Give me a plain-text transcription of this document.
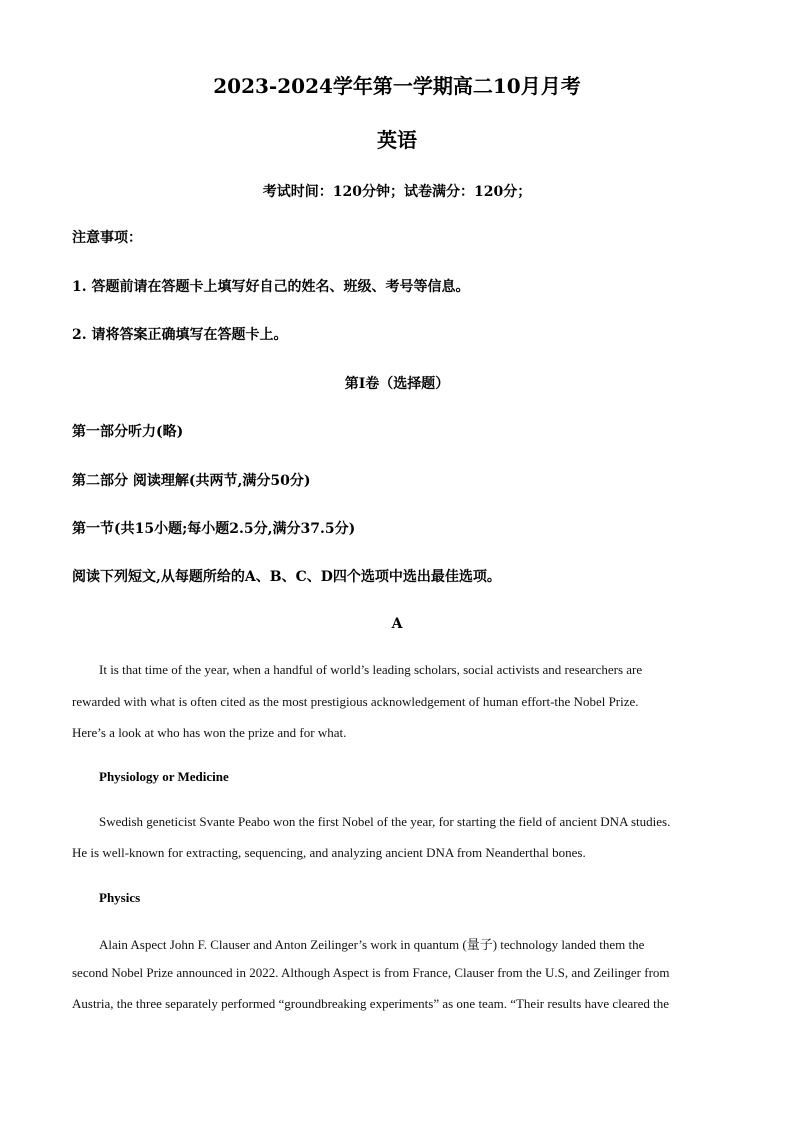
2023-2024学年第一学期高二10月月考
英语
考试时间：120分钟；试卷满分：120分；
注意事项：
1. 答题前请在答题卡上填写好自己的姓名、班级、考号等信息。
2. 请将答案正确填写在答题卡上。
第I卷（选择题）
第一部分听力(略)
第二部分 阅读理解(共两节,满分50分)
第一节(共15小题;每小题2.5分,满分37.5分)
阅读下列短文,从每题所给的A、B、C、D四个选项中选出最佳选项。
A
It is that time of the year, when a handful of world’s leading scholars, social activists and researchers are
rewarded with what is often cited as the most prestigious acknowledgement of human effort-the Nobel Prize.
Here’s a look at who has won the prize and for what.
Physiology or Medicine
Swedish geneticist Svante Peabo won the first Nobel of the year, for starting the field of ancient DNA studies.
He is well-known for extracting, sequencing, and analyzing ancient DNA from Neanderthal bones.
Physics
Alain Aspect John F. Clauser and Anton Zeilinger’s work in quantum (量子) technology landed them the
second Nobel Prize announced in 2022. Although Aspect is from France, Clauser from the U.S, and Zeilinger from
Austria, the three separately performed “groundbreaking experiments” as one team. “Their results have cleared the
